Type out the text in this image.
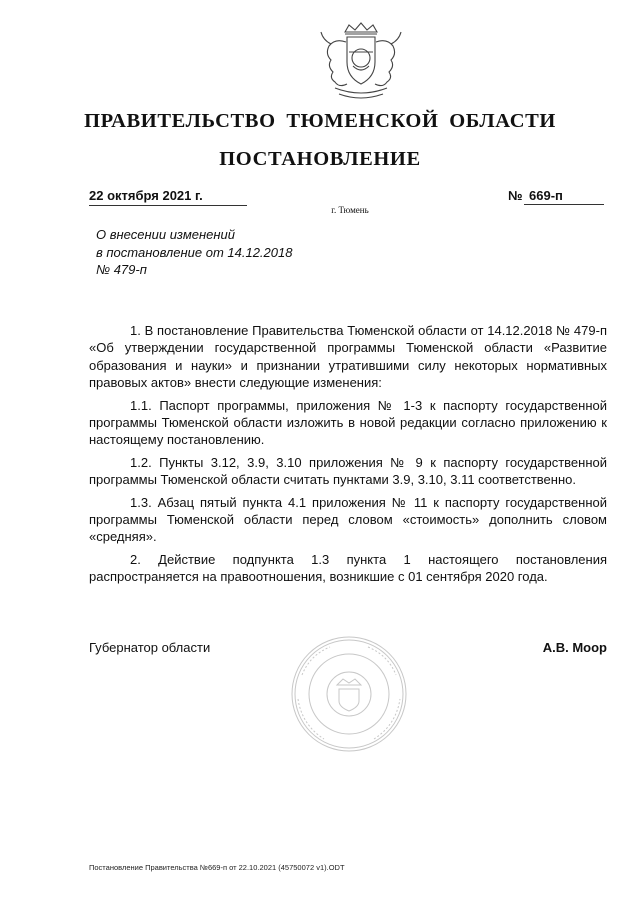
ПРАВИТЕЛЬСТВО ТЮМЕНСКОЙ ОБЛАСТИ
ПОСТАНОВЛЕНИЕ
22 октября 2021 г.	№ 669-п
г. Тюмень
О внесении изменений
в постановление от 14.12.2018
№ 479-п

1. В постановление Правительства Тюменской области от 14.12.2018 № 479-п «Об утверждении государственной программы Тюменской области «Развитие образования и науки» и признании утратившими силу некоторых нормативных правовых актов» внести следующие изменения:

1.1. Паспорт программы, приложения № 1-3 к паспорту государственной программы Тюменской области изложить в новой редакции согласно приложению к настоящему постановлению.

1.2. Пункты 3.12, 3.9, 3.10 приложения № 9 к паспорту государственной программы Тюменской области считать пунктами 3.9, 3.10, 3.11 соответственно.

1.3. Абзац пятый пункта 4.1 приложения № 11 к паспорту государственной программы Тюменской области перед словом «стоимость» дополнить словом «средняя».

2. Действие подпункта 1.3 пункта 1 настоящего постановления распространяется на правоотношения, возникшие с 01 сентября 2020 года.

Губернатор области	А.В. Моор
Постановление Правительства №669-п от 22.10.2021 (45750072 v1).ODT
